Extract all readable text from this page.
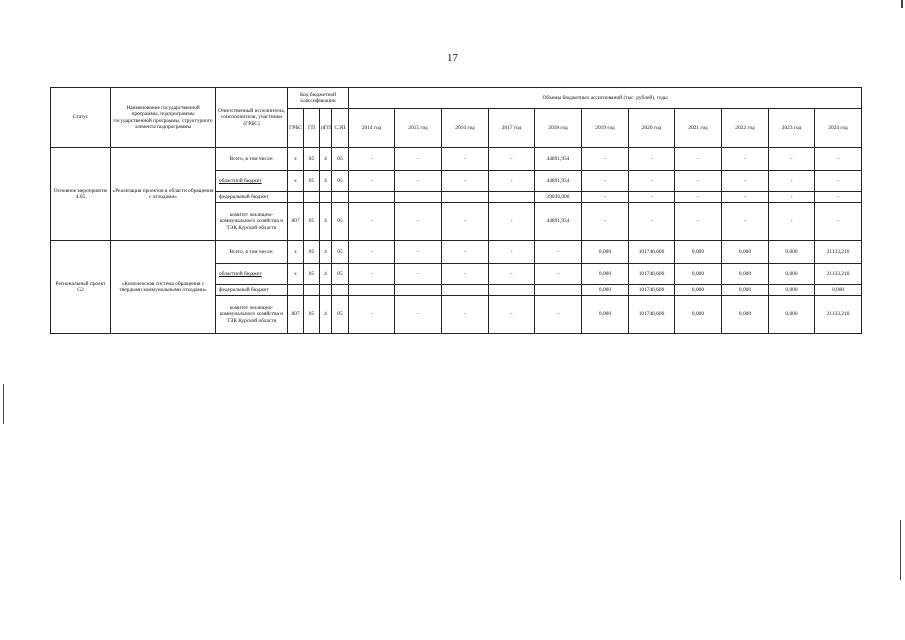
17
Статус	Наименование государственной программы, подпрограммы государственной программы, структурного элемента подпрограммы	Ответственный исполнитель, соисполнители, участники (ГРБС)	Код бюджетной классификации				Объемы бюджетных ассигнований (тыс. рублей), годы										
			ГРБС	ГП	пГП	СЭП	2014 год	2015 год	2016 год	2017 год	2018 год	2019 год	2020 год	2021 год	2022 год	2023 год	2024 год
Основное мероприятие 4.05	«Реализация проектов в области обращения с отходами»	Всего, в том числе:	х	05	4	05	-	-	-	-	44891,954	-	-	-	-	-	-
		областной бюджет	х	05	4	05	-	-	-	-	44891,954	-	-	-	-	-	-
		федеральный бюджет									39036,000	-	-	-	-	-	-
		комитет жилищно-коммунального хозяйства и ТЭК Курской области	807	05	4	05	-	-	-	-	44891,954	-	-	-	-	-	-
Региональный проект G2	«Комплексная система обращения с твердыми коммунальными отходами»	Всего, в том числе:	х	05	4	05	-	-	-	-	-	0,000	101746,600	0,000	0,000	0,000	21133,210
		областной бюджет	х	05	4	05	-	-	-	-	-	0,000	101746,600	0,000	0,000	0,000	21133,210
		федеральный бюджет										0,000	101746,600	0,000	0,000	0,000	0,000
		комитет жилищно-коммунального хозяйства и ТЭК Курской области	807	05	4	05	-	-	-	-	-	0,000	101746,600	0,000	0,000	0,000	21133,210
